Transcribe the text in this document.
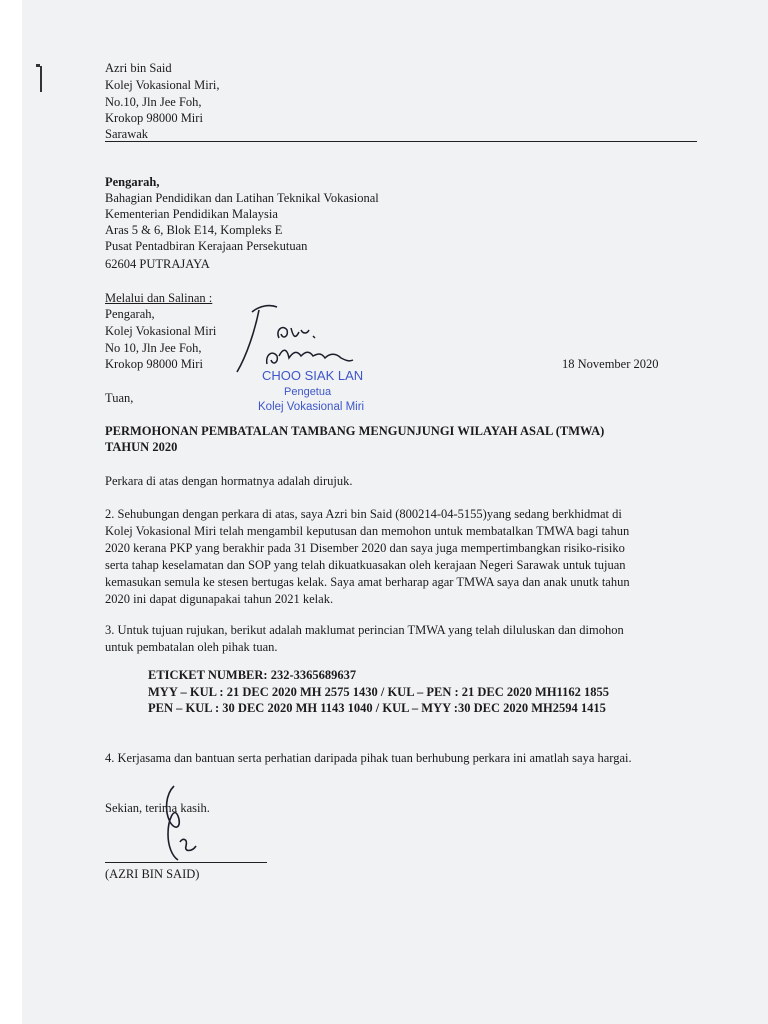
Azri bin Said
Kolej Vokasional Miri,
No.10, Jln Jee Foh,
Krokop 98000 Miri
Sarawak
Pengarah,
Bahagian Pendidikan dan Latihan Teknikal Vokasional
Kementerian Pendidikan Malaysia
Aras 5 & 6, Blok E14, Kompleks E
Pusat Pentadbiran Kerajaan Persekutuan
62604 PUTRAJAYA
Melalui dan Salinan :
Pengarah,
Kolej Vokasional Miri
No 10, Jln Jee Foh,
Krokop 98000 Miri
CHOO SIAK LAN
Pengetua
Kolej Vokasional Miri
18 November 2020
Tuan,
PERMOHONAN PEMBATALAN TAMBANG MENGUNJUNGI WILAYAH ASAL (TMWA)
TAHUN 2020
Perkara di atas dengan hormatnya adalah dirujuk.
2. Sehubungan dengan perkara di atas, saya Azri bin Said (800214-04-5155)yang sedang berkhidmat di
Kolej Vokasional Miri telah mengambil keputusan dan memohon untuk membatalkan TMWA bagi tahun
2020 kerana PKP yang berakhir pada 31 Disember 2020 dan saya juga mempertimbangkan risiko-risiko
serta tahap keselamatan dan SOP yang telah dikuatkuasakan oleh kerajaan Negeri Sarawak untuk tujuan
kemasukan semula ke stesen bertugas kelak. Saya amat berharap agar TMWA saya dan anak unutk tahun
2020 ini dapat digunapakai tahun 2021 kelak.
3. Untuk tujuan rujukan, berikut adalah maklumat perincian TMWA yang telah diluluskan dan dimohon
untuk pembatalan oleh pihak tuan.
ETICKET NUMBER: 232-3365689637
MYY – KUL : 21 DEC 2020 MH 2575 1430 / KUL – PEN : 21 DEC 2020 MH1162 1855
PEN – KUL : 30 DEC 2020 MH 1143 1040 / KUL – MYY :30 DEC 2020 MH2594 1415
4. Kerjasama dan bantuan serta perhatian daripada pihak tuan berhubung perkara ini amatlah saya hargai.
Sekian, terima kasih.
(AZRI BIN SAID)
